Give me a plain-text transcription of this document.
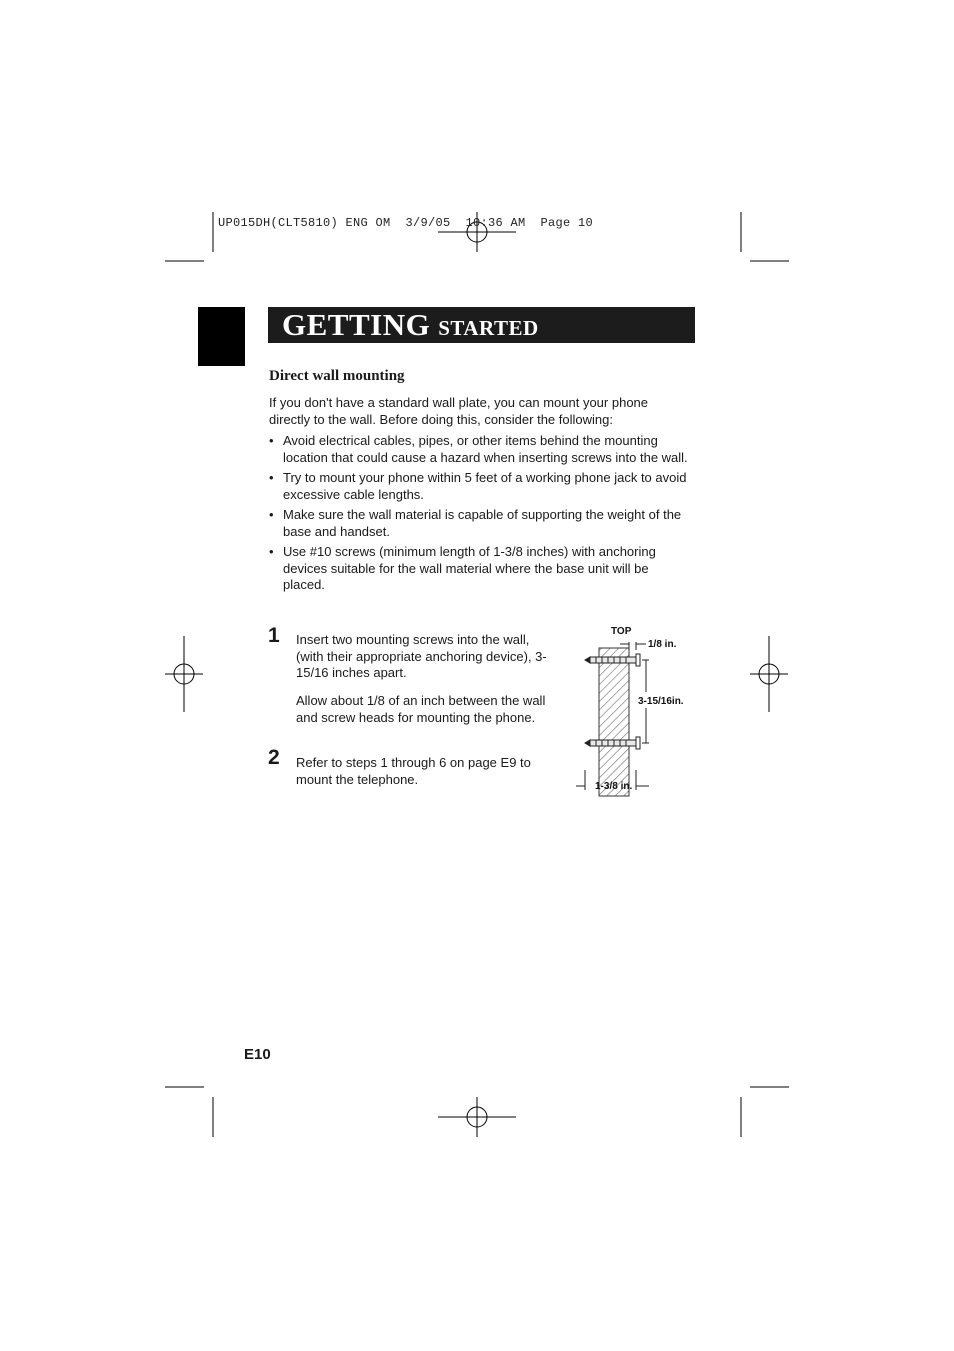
UP015DH(CLT5810) ENG OM  3/9/05  10:36 AM  Page 10
GETTING STARTED
Direct wall mounting
If you don't have a standard wall plate, you can mount your phone directly to the wall. Before doing this, consider the following:
• Avoid electrical cables, pipes, or other items behind the mounting location that could cause a hazard when inserting screws into the wall.
• Try to mount your phone within 5 feet of a working phone jack to avoid excessive cable lengths.
• Make sure the wall material is capable of supporting the weight of the base and handset.
• Use #10 screws (minimum length of 1-3/8 inches) with anchoring devices suitable for the wall material where the base unit will be placed.
1 Insert two mounting screws into the wall, (with their appropriate anchoring device), 3-15/16 inches apart.
Allow about 1/8 of an inch between the wall and screw heads for mounting the phone.
2 Refer to steps 1 through 6 on page E9 to mount the telephone.
TOP
1/8 in.
3-15/16in.
1-3/8 in.
E10
